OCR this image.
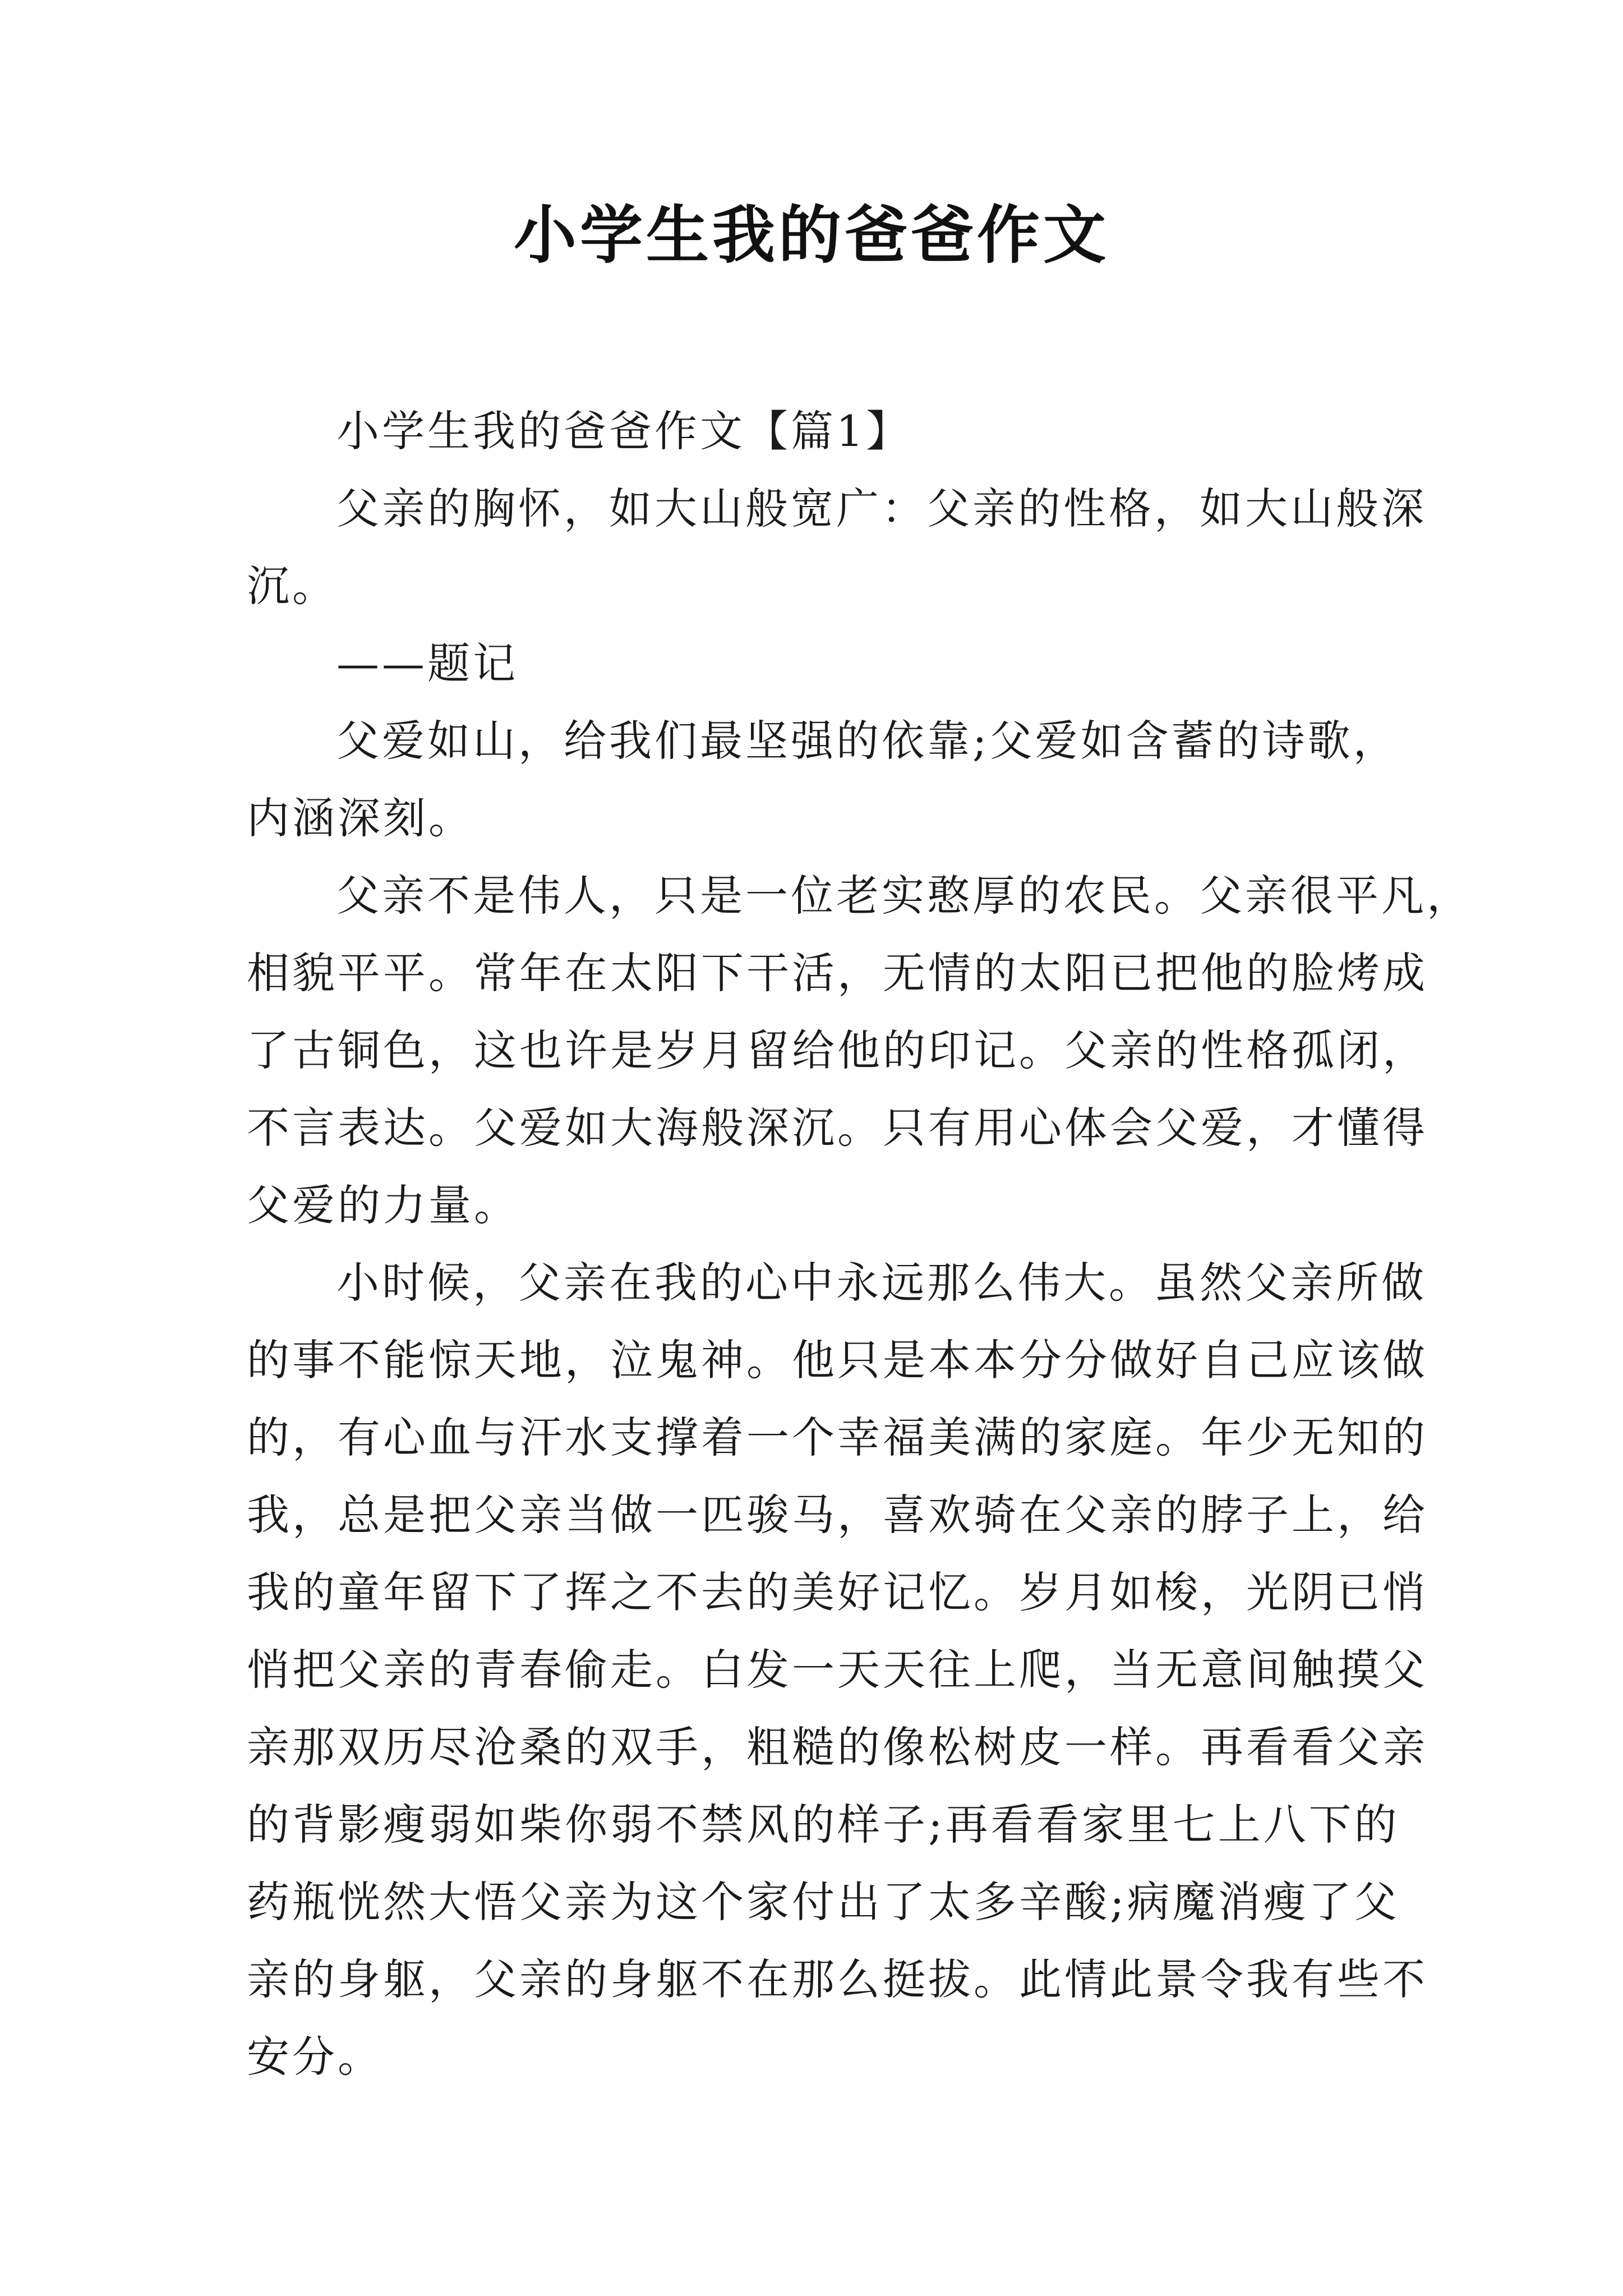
小学生我的爸爸作文

小学生我的爸爸作文【篇1】

父亲的胸怀，如大山般宽广：父亲的性格，如大山般深
沉。

——题记

父爱如山，给我们最坚强的依靠;父爱如含蓄的诗歌，
内涵深刻。

父亲不是伟人，只是一位老实憨厚的农民。父亲很平凡，
相貌平平。常年在太阳下干活，无情的太阳已把他的脸烤成
了古铜色，这也许是岁月留给他的印记。父亲的性格孤闭，
不言表达。父爱如大海般深沉。只有用心体会父爱，才懂得
父爱的力量。

小时候，父亲在我的心中永远那么伟大。虽然父亲所做
的事不能惊天地，泣鬼神。他只是本本分分做好自己应该做
的，有心血与汗水支撑着一个幸福美满的家庭。年少无知的
我，总是把父亲当做一匹骏马，喜欢骑在父亲的脖子上，给
我的童年留下了挥之不去的美好记忆。岁月如梭，光阴已悄
悄把父亲的青春偷走。白发一天天往上爬，当无意间触摸父
亲那双历尽沧桑的双手，粗糙的像松树皮一样。再看看父亲
的背影瘦弱如柴你弱不禁风的样子;再看看家里七上八下的
药瓶恍然大悟父亲为这个家付出了太多辛酸;病魔消瘦了父
亲的身躯，父亲的身躯不在那么挺拔。此情此景令我有些不
安分。
